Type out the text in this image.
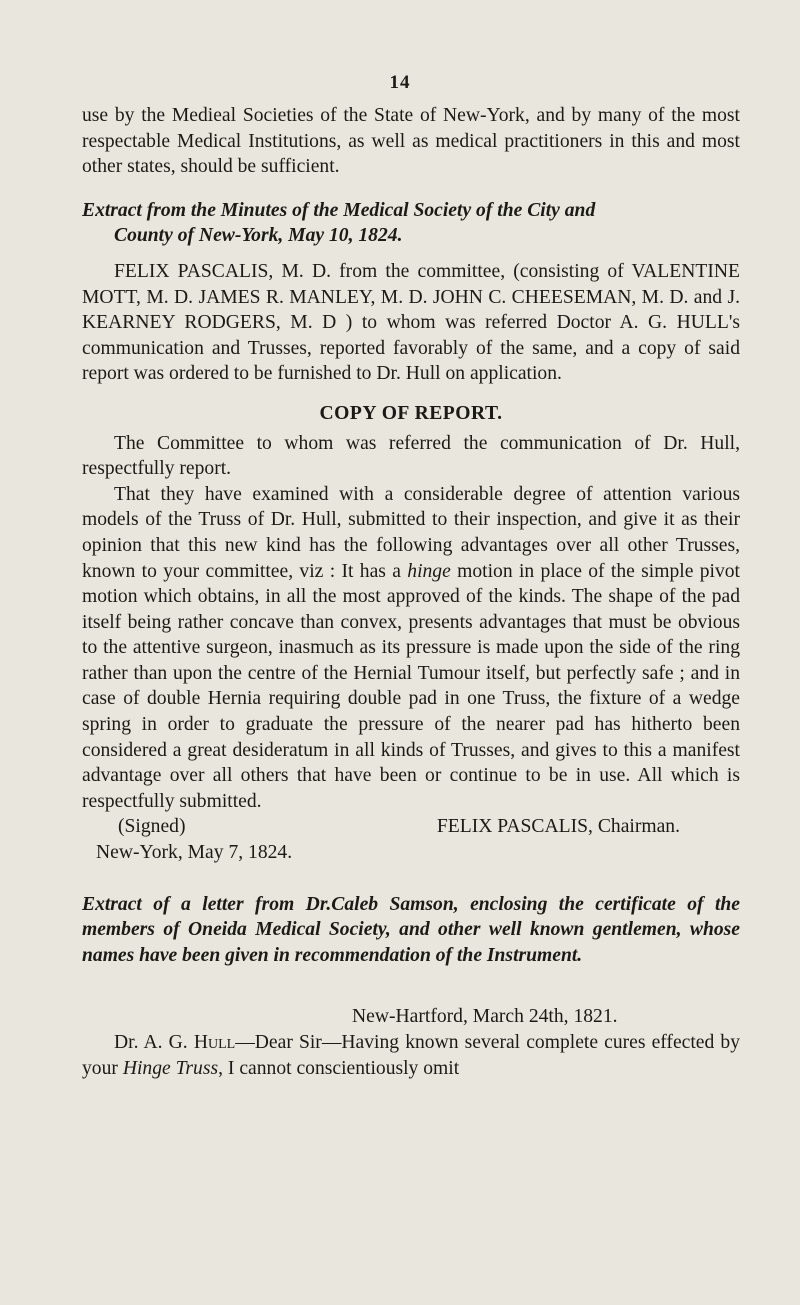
14

use by the Medieal Societies of the State of New-York, and by many of the most respectable Medical Institutions, as well as medical practitioners in this and most other states, should be sufficient.

Extract from the Minutes of the Medical Society of the City and
County of New-York, May 10, 1824.

FELIX PASCALIS, M. D. from the committee, (consisting of VALENTINE MOTT, M. D. JAMES R. MANLEY, M. D. JOHN C. CHEESEMAN, M. D. and J. KEARNEY RODGERS, M. D ) to whom was referred Doctor A. G. HULL's communication and Trusses, reported favorably of the same, and a copy of said report was ordered to be furnished to Dr. Hull on application.

COPY OF REPORT.

The Committee to whom was referred the communication of Dr. Hull, respectfully report.

That they have examined with a considerable degree of attention various models of the Truss of Dr. Hull, submitted to their inspection, and give it as their opinion that this new kind has the following advantages over all other Trusses, known to your committee, viz : It has a hinge motion in place of the simple pivot motion which obtains, in all the most approved of the kinds. The shape of the pad itself being rather concave than convex, presents advantages that must be obvious to the attentive surgeon, inasmuch as its pressure is made upon the side of the ring rather than upon the centre of the Hernial Tumour itself, but perfectly safe ; and in case of double Hernia requiring double pad in one Truss, the fixture of a wedge spring in order to graduate the pressure of the nearer pad has hitherto been considered a great desideratum in all kinds of Trusses, and gives to this a manifest advantage over all others that have been or continue to be in use. All which is respectfully submitted.

(Signed)	FELIX PASCALIS, Chairman.
New-York, May 7, 1824.

Extract of a letter from Dr.Caleb Samson, enclosing the certificate of the members of Oneida Medical Society, and other well known gentlemen, whose names have been given in recommendation of the Instrument.

New-Hartford, March 24th, 1821.

Dr. A. G. Hull—Dear Sir—Having known several complete cures effected by your Hinge Truss, I cannot conscientiously omit
